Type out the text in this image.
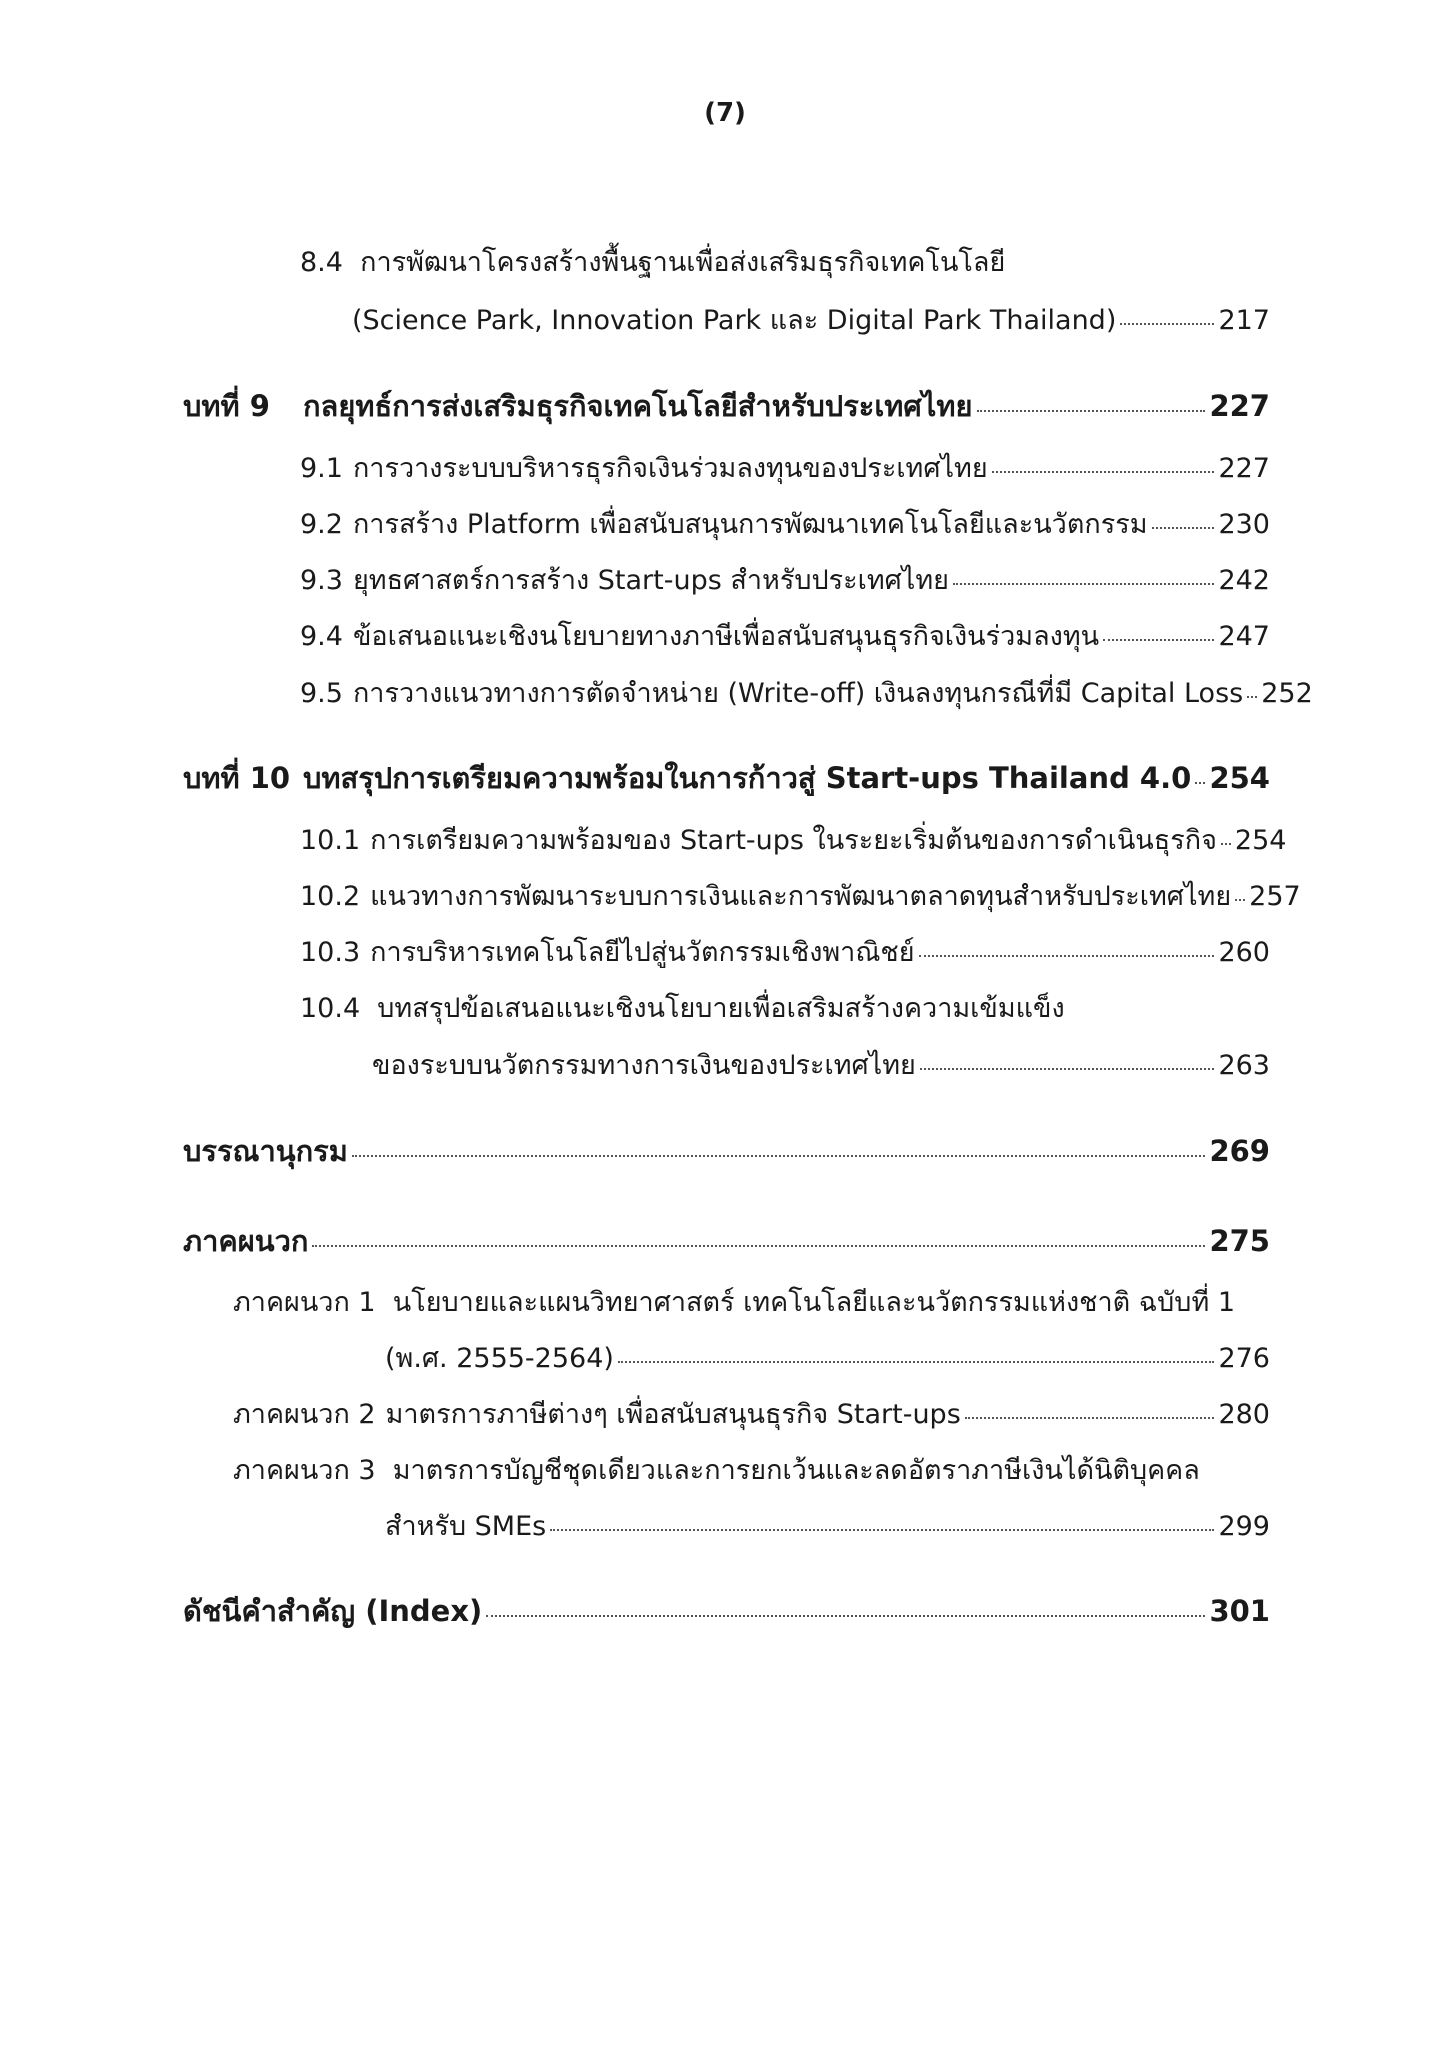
(7)
8.4 การพัฒนาโครงสร้างพื้นฐานเพื่อส่งเสริมธุรกิจเทคโนโลยี
(Science Park, Innovation Park และ Digital Park Thailand)	217
บทที่ 9	กลยุทธ์การส่งเสริมธุรกิจเทคโนโลยีสำหรับประเทศไทย	227
9.1 การวางระบบบริหารธุรกิจเงินร่วมลงทุนของประเทศไทย	227
9.2 การสร้าง Platform เพื่อสนับสนุนการพัฒนาเทคโนโลยีและนวัตกรรม	230
9.3 ยุทธศาสตร์การสร้าง Start-ups สำหรับประเทศไทย	242
9.4 ข้อเสนอแนะเชิงนโยบายทางภาษีเพื่อสนับสนุนธุรกิจเงินร่วมลงทุน	247
9.5 การวางแนวทางการตัดจำหน่าย (Write-off) เงินลงทุนกรณีที่มี Capital Loss 252
บทที่ 10 บทสรุปการเตรียมความพร้อมในการก้าวสู่ Start-ups Thailand 4.0 254
10.1 การเตรียมความพร้อมของ Start-ups ในระยะเริ่มต้นของการดำเนินธุรกิจ 254
10.2 แนวทางการพัฒนาระบบการเงินและการพัฒนาตลาดทุนสำหรับประเทศไทย 257
10.3 การบริหารเทคโนโลยีไปสู่นวัตกรรมเชิงพาณิชย์	260
10.4 บทสรุปข้อเสนอแนะเชิงนโยบายเพื่อเสริมสร้างความเข้มแข็ง
ของระบบนวัตกรรมทางการเงินของประเทศไทย	263
บรรณานุกรม	269
ภาคผนวก	275
ภาคผนวก 1 นโยบายและแผนวิทยาศาสตร์ เทคโนโลยีและนวัตกรรมแห่งชาติ ฉบับที่ 1
(พ.ศ. 2555-2564)	276
ภาคผนวก 2 มาตรการภาษีต่างๆ เพื่อสนับสนุนธุรกิจ Start-ups	280
ภาคผนวก 3 มาตรการบัญชีชุดเดียวและการยกเว้นและลดอัตราภาษีเงินได้นิติบุคคล
สำหรับ SMEs	299
ดัชนีคำสำคัญ (Index)	301
